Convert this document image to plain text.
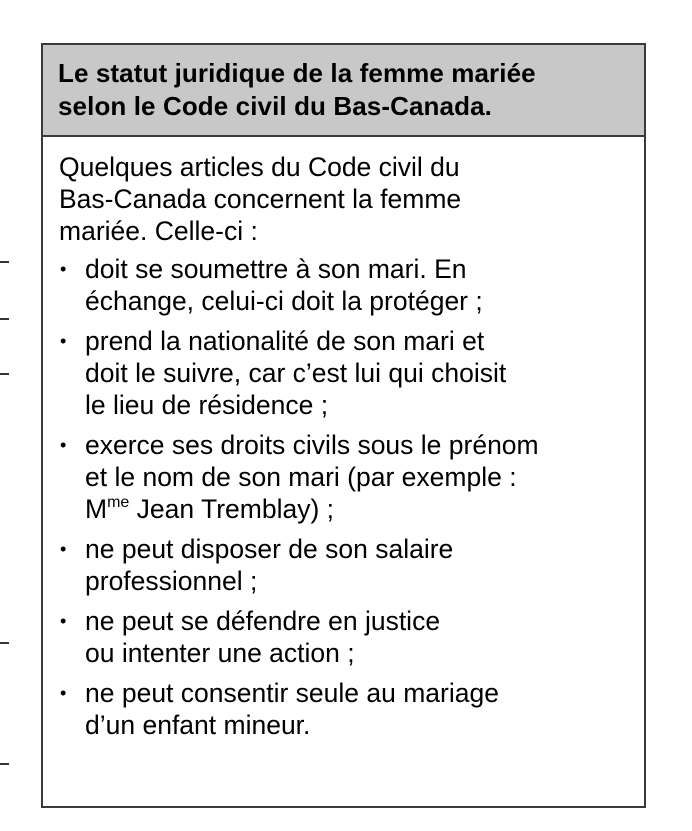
Le statut juridique de la femme mariée
selon le Code civil du Bas-Canada.

Quelques articles du Code civil du
Bas-Canada concernent la femme
mariée. Celle-ci :

• doit se soumettre à son mari. En
échange, celui-ci doit la protéger ;
• prend la nationalité de son mari et
doit le suivre, car c’est lui qui choisit
le lieu de résidence ;
• exerce ses droits civils sous le prénom
et le nom de son mari (par exemple :
$M^{me}$ Jean Tremblay) ;
• ne peut disposer de son salaire
professionnel ;
• ne peut se défendre en justice
ou intenter une action ;
• ne peut consentir seule au mariage
d’un enfant mineur.
